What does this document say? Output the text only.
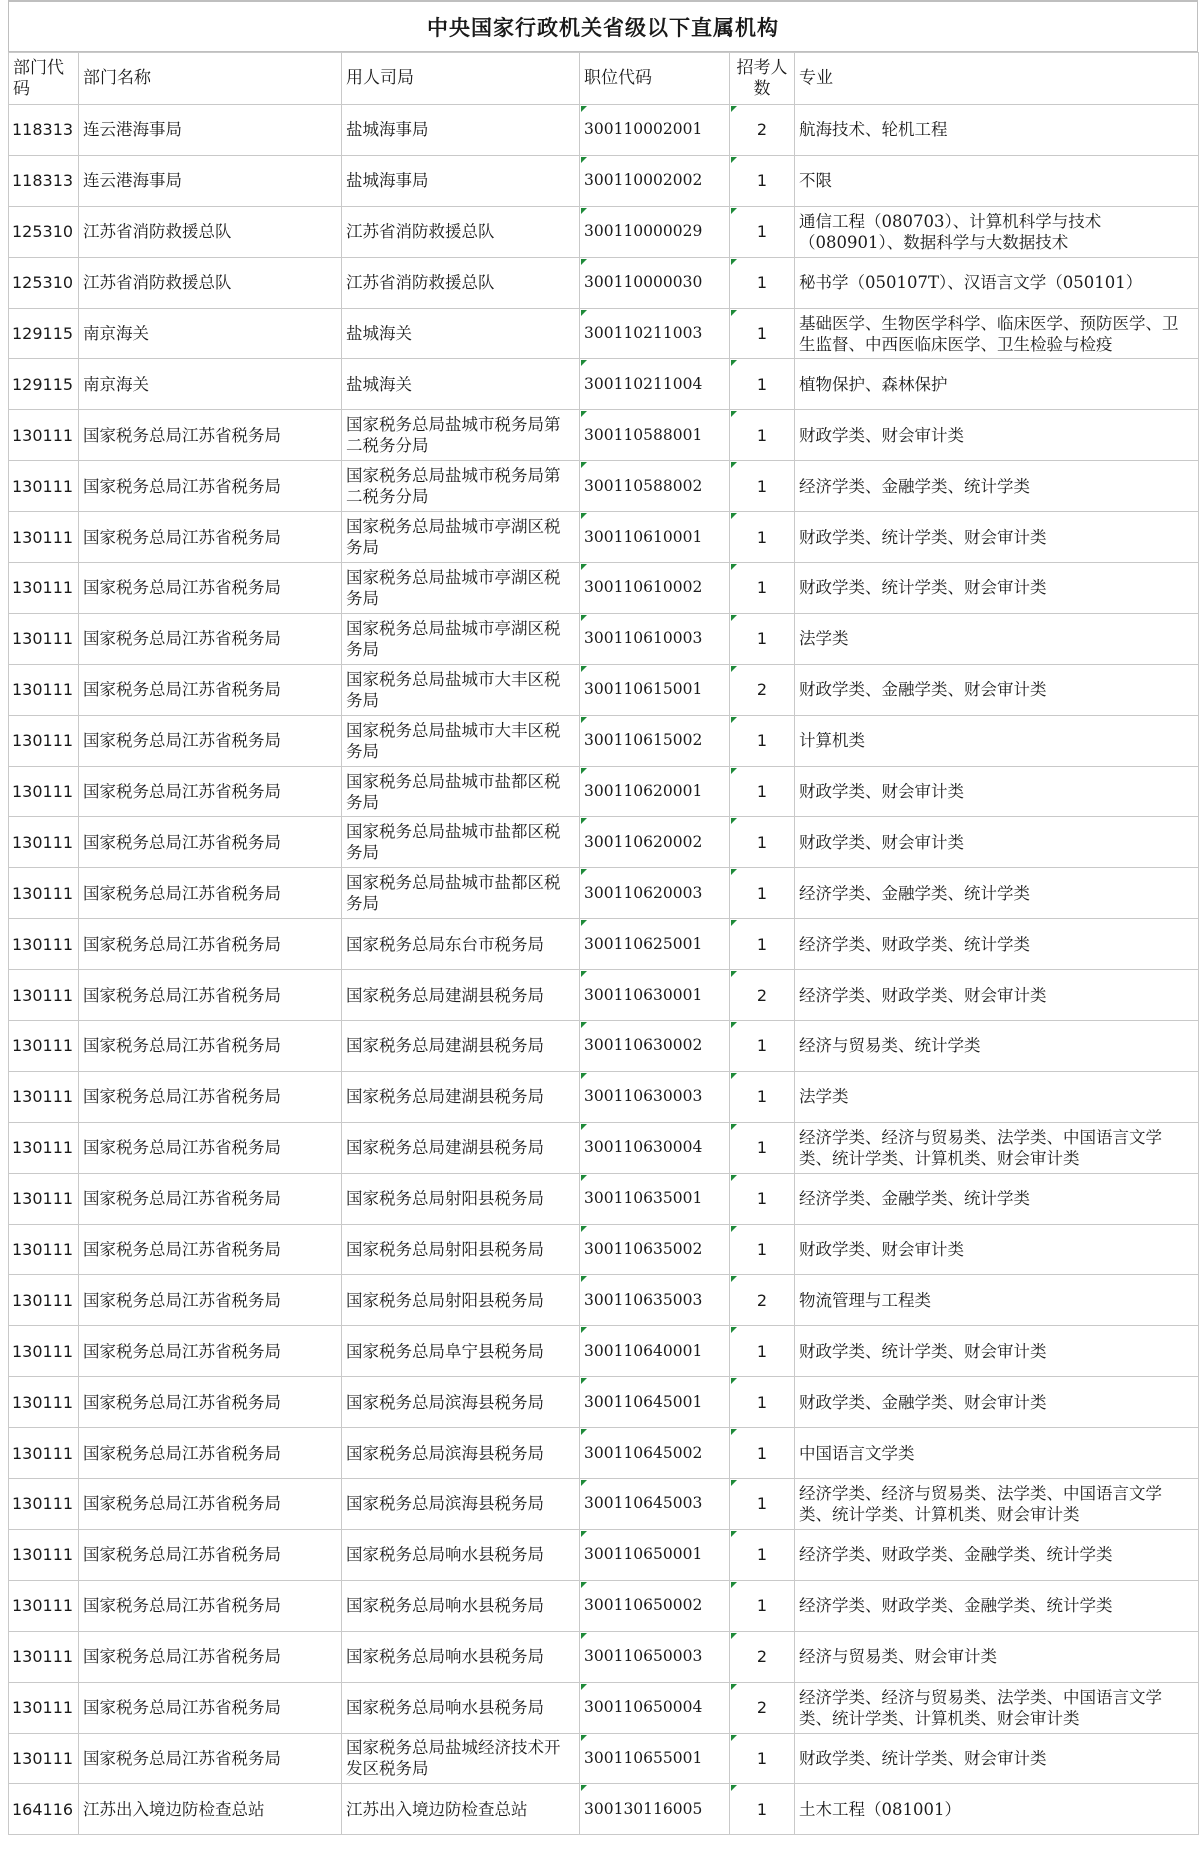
中央国家行政机关省级以下直属机构
部门代码	部门名称	用人司局	职位代码	招考人数	专业
118313	连云港海事局	盐城海事局	300110002001	2	航海技术、轮机工程
118313	连云港海事局	盐城海事局	300110002002	1	不限
125310	江苏省消防救援总队	江苏省消防救援总队	300110000029	1	通信工程（080703）、计算机科学与技术（080901）、数据科学与大数据技术
125310	江苏省消防救援总队	江苏省消防救援总队	300110000030	1	秘书学（050107T）、汉语言文学（050101）
129115	南京海关	盐城海关	300110211003	1	基础医学、生物医学科学、临床医学、预防医学、卫生监督、中西医临床医学、卫生检验与检疫
129115	南京海关	盐城海关	300110211004	1	植物保护、森林保护
130111	国家税务总局江苏省税务局	国家税务总局盐城市税务局第二税务分局	300110588001	1	财政学类、财会审计类
130111	国家税务总局江苏省税务局	国家税务总局盐城市税务局第二税务分局	300110588002	1	经济学类、金融学类、统计学类
130111	国家税务总局江苏省税务局	国家税务总局盐城市亭湖区税务局	300110610001	1	财政学类、统计学类、财会审计类
130111	国家税务总局江苏省税务局	国家税务总局盐城市亭湖区税务局	300110610002	1	财政学类、统计学类、财会审计类
130111	国家税务总局江苏省税务局	国家税务总局盐城市亭湖区税务局	300110610003	1	法学类
130111	国家税务总局江苏省税务局	国家税务总局盐城市大丰区税务局	300110615001	2	财政学类、金融学类、财会审计类
130111	国家税务总局江苏省税务局	国家税务总局盐城市大丰区税务局	300110615002	1	计算机类
130111	国家税务总局江苏省税务局	国家税务总局盐城市盐都区税务局	300110620001	1	财政学类、财会审计类
130111	国家税务总局江苏省税务局	国家税务总局盐城市盐都区税务局	300110620002	1	财政学类、财会审计类
130111	国家税务总局江苏省税务局	国家税务总局盐城市盐都区税务局	300110620003	1	经济学类、金融学类、统计学类
130111	国家税务总局江苏省税务局	国家税务总局东台市税务局	300110625001	1	经济学类、财政学类、统计学类
130111	国家税务总局江苏省税务局	国家税务总局建湖县税务局	300110630001	2	经济学类、财政学类、财会审计类
130111	国家税务总局江苏省税务局	国家税务总局建湖县税务局	300110630002	1	经济与贸易类、统计学类
130111	国家税务总局江苏省税务局	国家税务总局建湖县税务局	300110630003	1	法学类
130111	国家税务总局江苏省税务局	国家税务总局建湖县税务局	300110630004	1	经济学类、经济与贸易类、法学类、中国语言文学类、统计学类、计算机类、财会审计类
130111	国家税务总局江苏省税务局	国家税务总局射阳县税务局	300110635001	1	经济学类、金融学类、统计学类
130111	国家税务总局江苏省税务局	国家税务总局射阳县税务局	300110635002	1	财政学类、财会审计类
130111	国家税务总局江苏省税务局	国家税务总局射阳县税务局	300110635003	2	物流管理与工程类
130111	国家税务总局江苏省税务局	国家税务总局阜宁县税务局	300110640001	1	财政学类、统计学类、财会审计类
130111	国家税务总局江苏省税务局	国家税务总局滨海县税务局	300110645001	1	财政学类、金融学类、财会审计类
130111	国家税务总局江苏省税务局	国家税务总局滨海县税务局	300110645002	1	中国语言文学类
130111	国家税务总局江苏省税务局	国家税务总局滨海县税务局	300110645003	1	经济学类、经济与贸易类、法学类、中国语言文学类、统计学类、计算机类、财会审计类
130111	国家税务总局江苏省税务局	国家税务总局响水县税务局	300110650001	1	经济学类、财政学类、金融学类、统计学类
130111	国家税务总局江苏省税务局	国家税务总局响水县税务局	300110650002	1	经济学类、财政学类、金融学类、统计学类
130111	国家税务总局江苏省税务局	国家税务总局响水县税务局	300110650003	2	经济与贸易类、财会审计类
130111	国家税务总局江苏省税务局	国家税务总局响水县税务局	300110650004	2	经济学类、经济与贸易类、法学类、中国语言文学类、统计学类、计算机类、财会审计类
130111	国家税务总局江苏省税务局	国家税务总局盐城经济技术开发区税务局	300110655001	1	财政学类、统计学类、财会审计类
164116	江苏出入境边防检查总站	江苏出入境边防检查总站	300130116005	1	土木工程（081001）
